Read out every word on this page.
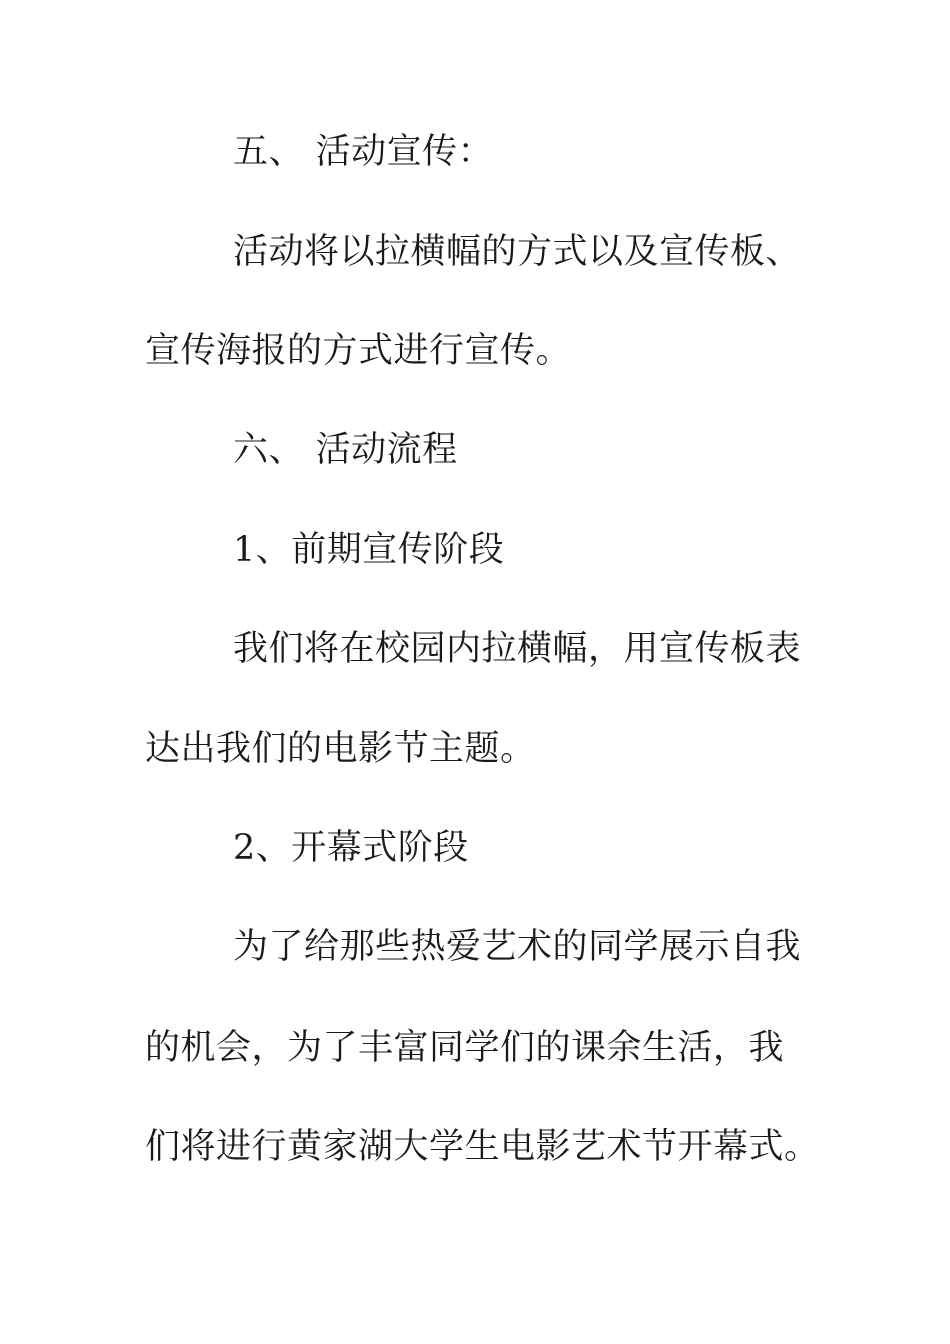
五、 活动宣传：
活动将以拉横幅的方式以及宣传板、
宣传海报的方式进行宣传。
六、 活动流程
1、前期宣传阶段
我们将在校园内拉横幅，用宣传板表
达出我们的电影节主题。
2、开幕式阶段
为了给那些热爱艺术的同学展示自我
的机会，为了丰富同学们的课余生活，我
们将进行黄家湖大学生电影艺术节开幕式。
